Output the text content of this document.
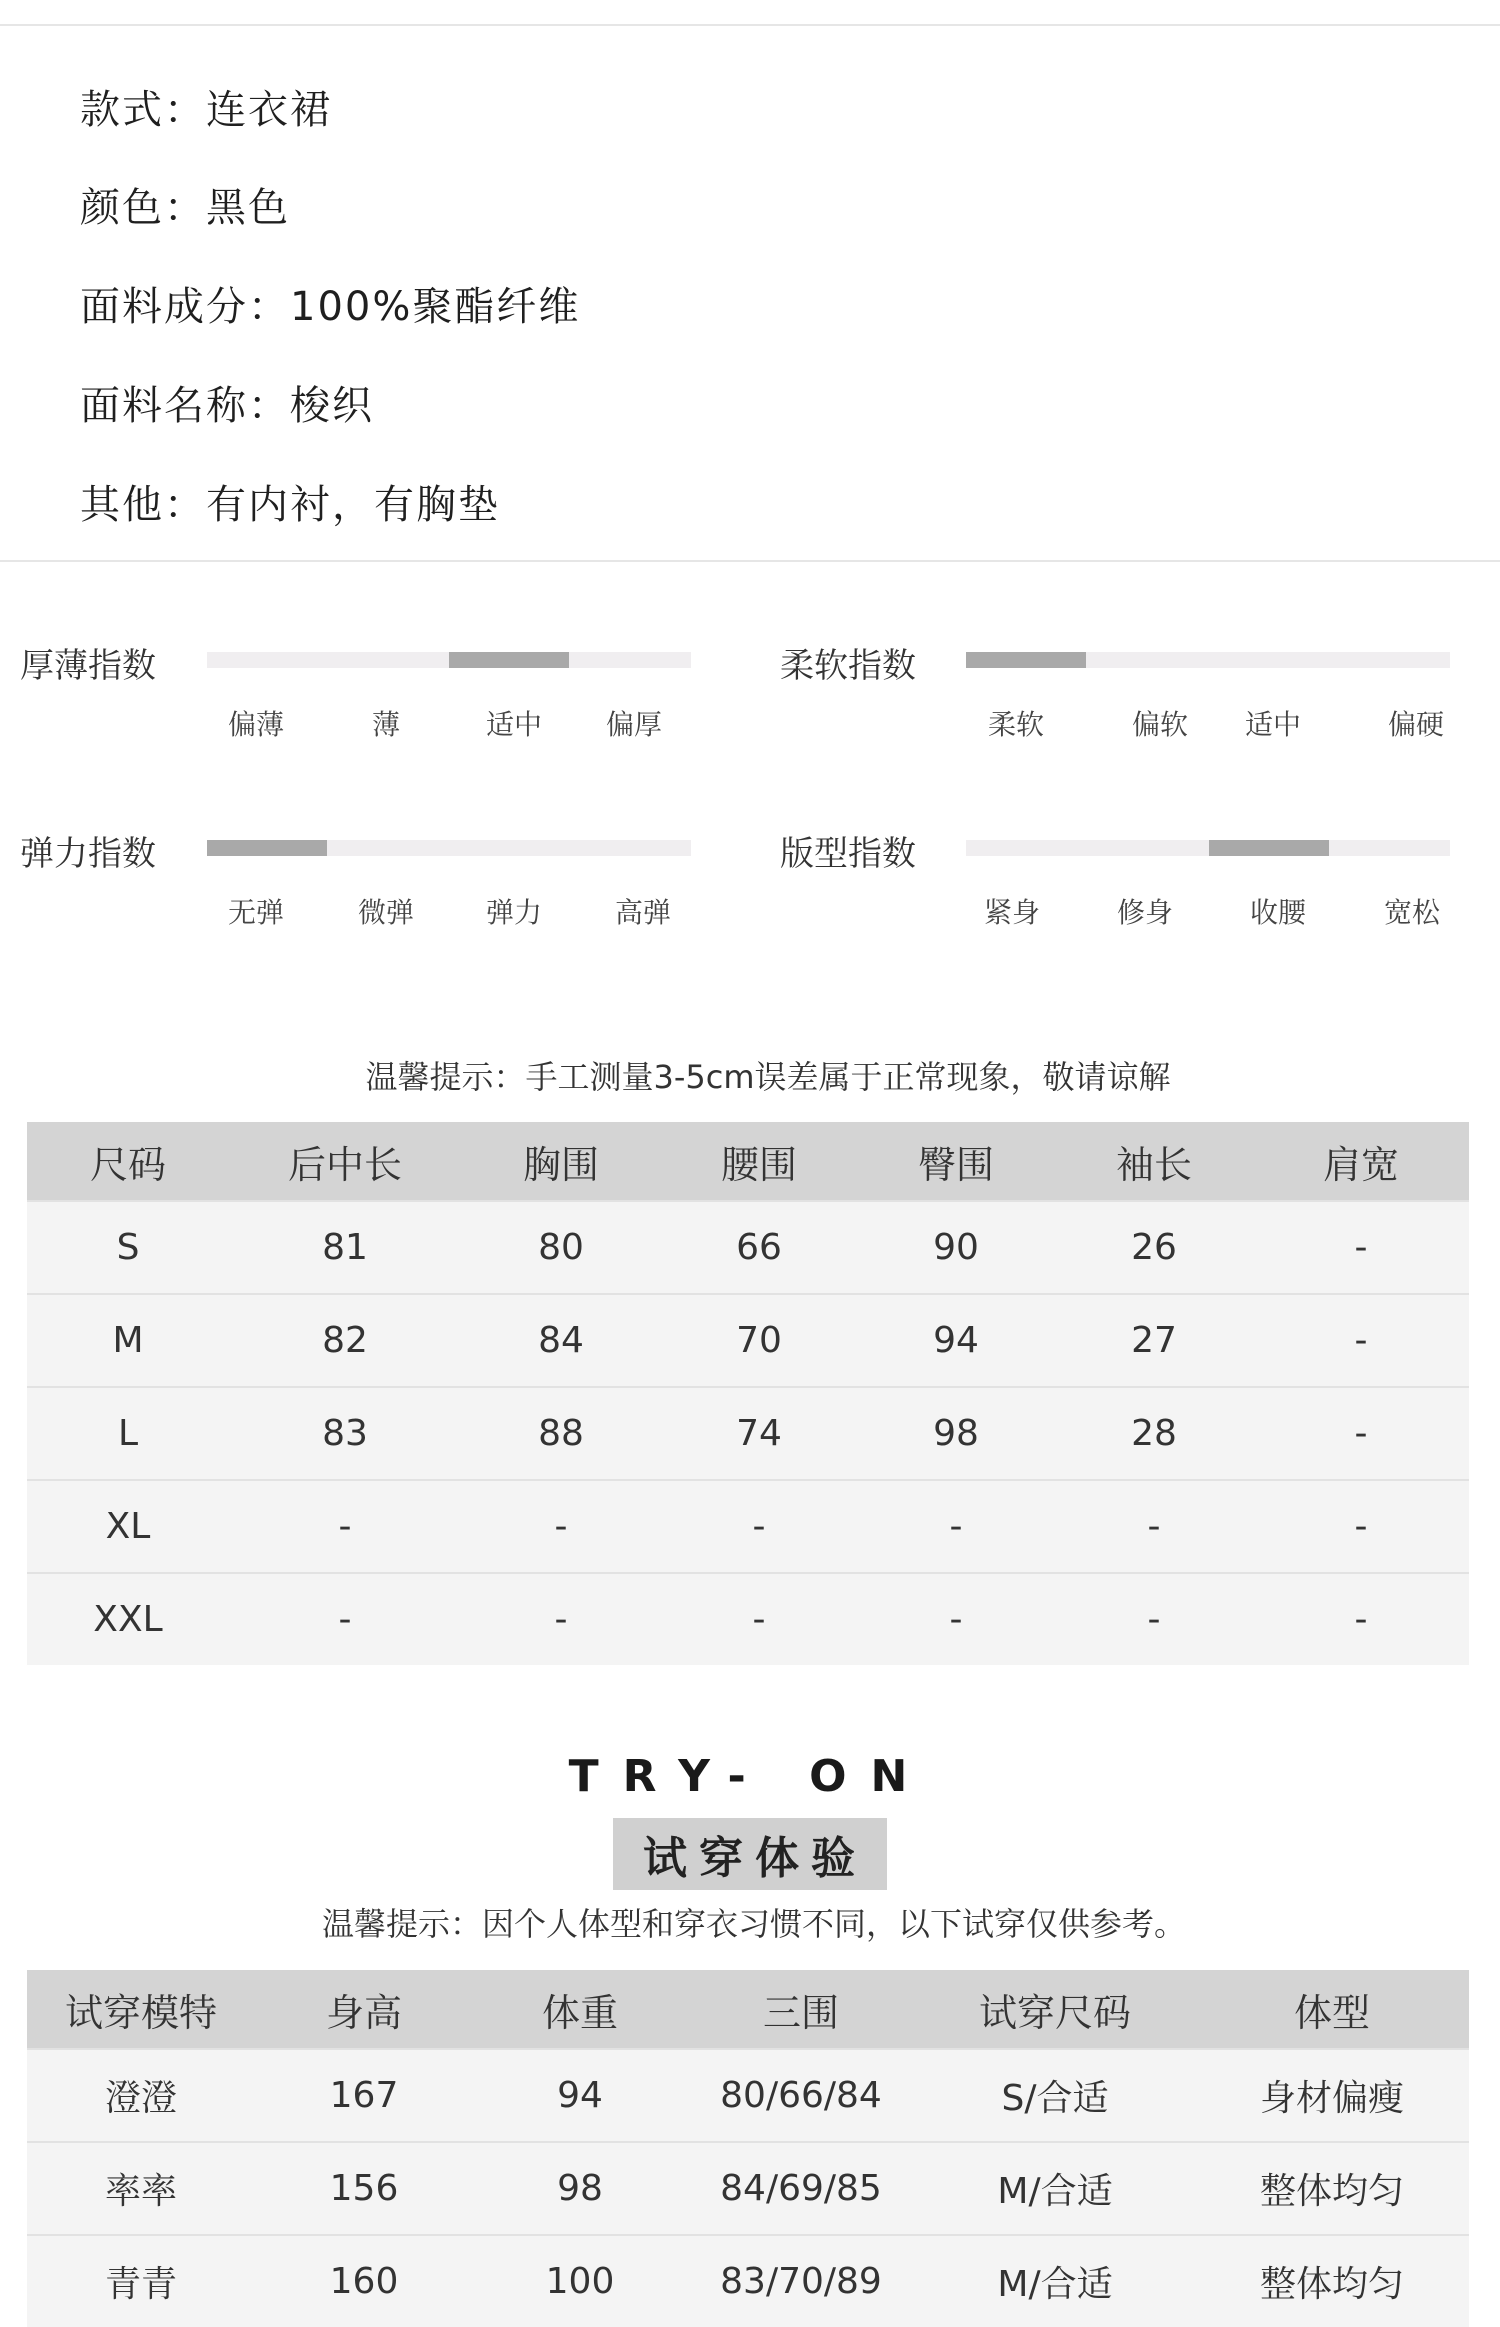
款式：连衣裙
颜色：黑色
面料成分：100%聚酯纤维
面料名称：梭织
其他：有内衬，有胸垫
厚薄指数
偏薄	薄	适中 偏厚
柔软指数
柔软	偏软 适中	偏硬
弹力指数
无弹	微弹	弹力	高弹
版型指数
紧身	修身	收腰	宽松
温馨提示：手工测量3-5cm误差属于正常现象，敬请谅解
尺码	后中长	胸围	腰围	臀围	袖长	肩宽
S	81	80	66	90	26	-
M	82	84	70	94	27	-
L	83	88	74	98	28	-
XL	-	-	-	-	-	-
XXL	-	-	-	-	-	-
TRY- ON
试穿体验
温馨提示：因个人体型和穿衣习惯不同，以下试穿仅供参考。
试穿模特	身高	体重	三围	试穿尺码	体型
澄澄	167	94	80/66/84	S/合适	身材偏瘦
率率	156	98	84/69/85	M/合适	整体均匀
青青	160	100	83/70/89	M/合适	整体均匀
